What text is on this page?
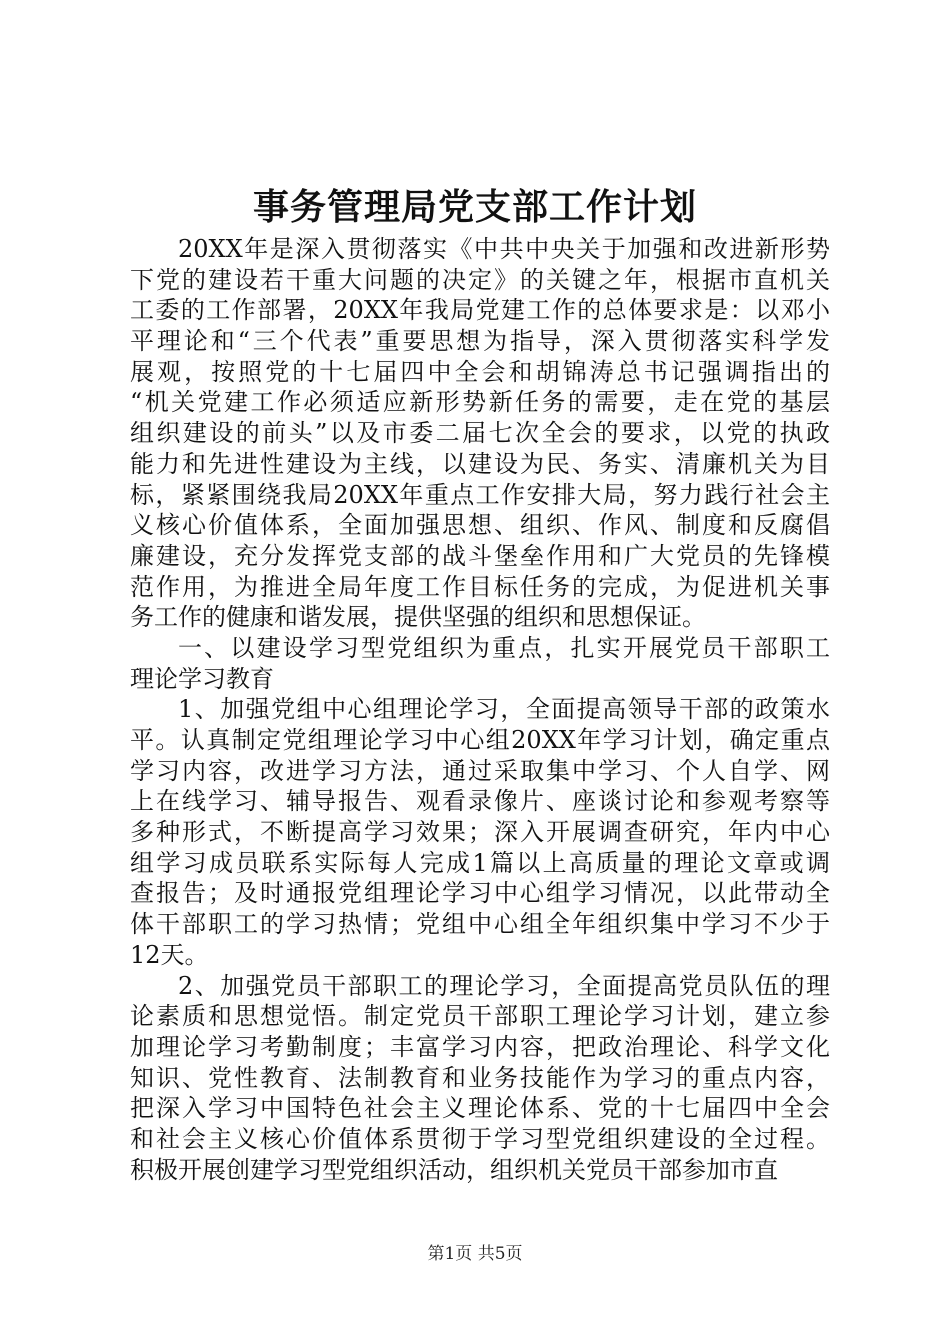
事务管理局党支部工作计划
20XX年是深入贯彻落实《中共中央关于加强和改进新形势
下党的建设若干重大问题的决定》的关键之年，根据市直机关
工委的工作部署，20XX年我局党建工作的总体要求是：以邓小
平理论和“三个代表”重要思想为指导，深入贯彻落实科学发
展观，按照党的十七届四中全会和胡锦涛总书记强调指出的
“机关党建工作必须适应新形势新任务的需要，走在党的基层
组织建设的前头”以及市委二届七次全会的要求，以党的执政
能力和先进性建设为主线，以建设为民、务实、清廉机关为目
标，紧紧围绕我局20XX年重点工作安排大局，努力践行社会主
义核心价值体系，全面加强思想、组织、作风、制度和反腐倡
廉建设，充分发挥党支部的战斗堡垒作用和广大党员的先锋模
范作用，为推进全局年度工作目标任务的完成，为促进机关事
务工作的健康和谐发展，提供坚强的组织和思想保证。
一、以建设学习型党组织为重点，扎实开展党员干部职工
理论学习教育
1、加强党组中心组理论学习，全面提高领导干部的政策水
平。认真制定党组理论学习中心组20XX年学习计划，确定重点
学习内容，改进学习方法，通过采取集中学习、个人自学、网
上在线学习、辅导报告、观看录像片、座谈讨论和参观考察等
多种形式，不断提高学习效果；深入开展调查研究，年内中心
组学习成员联系实际每人完成1篇以上高质量的理论文章或调
查报告；及时通报党组理论学习中心组学习情况，以此带动全
体干部职工的学习热情；党组中心组全年组织集中学习不少于
12天。
2、加强党员干部职工的理论学习，全面提高党员队伍的理
论素质和思想觉悟。制定党员干部职工理论学习计划，建立参
加理论学习考勤制度；丰富学习内容，把政治理论、科学文化
知识、党性教育、法制教育和业务技能作为学习的重点内容，
把深入学习中国特色社会主义理论体系、党的十七届四中全会
和社会主义核心价值体系贯彻于学习型党组织建设的全过程。
积极开展创建学习型党组织活动，组织机关党员干部参加市直
第1页 共5页
